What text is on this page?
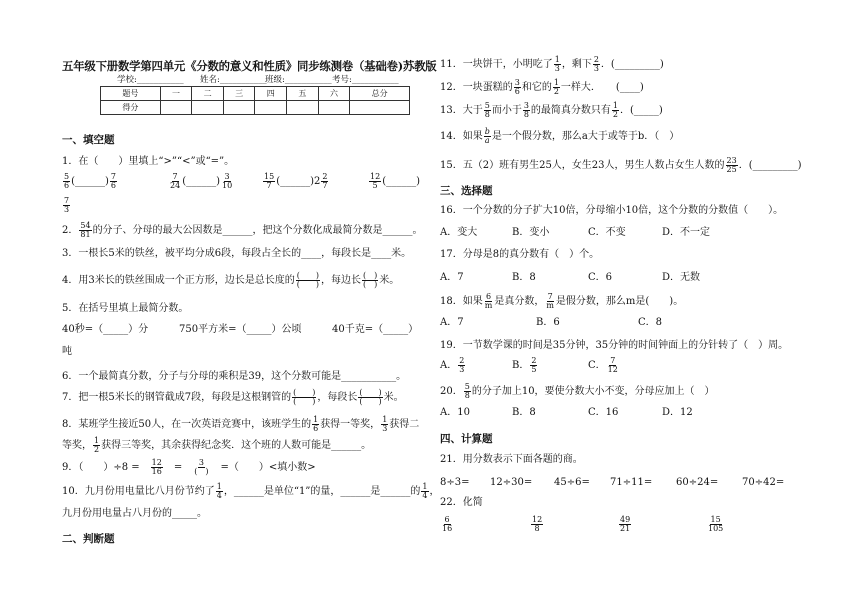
五年级下册数学第四单元《分数的意义和性质》同步练测卷（基础卷)苏教版
学校:___________ 姓名:___________
班级:___________ 考号:___________
题号	一	二	三	四	五	六	总分
得分							
一、填空题
1．在（　　）里填上“>”“<”或“=”。
$\frac{5}{6}$ (______) $\frac{7}{6}$	$\frac{7}{24}$ (______) $\frac{3}{10}$	$\frac{15}{7}$ (______)2 $\frac{2}{7}$	$\frac{12}{5}$ (______)
$\frac{7}{3}$
2． $\frac{54}{81}$ 的分子、分母的最大公因数是______，把这个分数化成最简分数是______。
3．一根长5米的铁丝，被平均分成6段，每段占全长的____，每段长是____米。
4．用3米长的铁丝围成一个正方形，边长是总长度的 $\frac{( )}{( )}$ ，每边长 $\frac{( )}{( )}$ 米。
5．在括号里填上最简分数。
40秒=（_____）分	750平方米=（_____）公顷	40千克=（_____）
吨
6．一个最简真分数，分子与分母的乘积是39，这个分数可能是___________。
7．把一根5米长的钢管截成7段，每段是这根钢管的 $\frac{( )}{( )}$ ，每段长 $\frac{( )}{( )}$ 米。
8．某班学生接近50人，在一次英语竞赛中，该班学生的 $\frac{1}{6}$ 获得一等奖， $\frac{1}{3}$ 获得二
等奖， $\frac{1}{2}$ 获得三等奖，其余获得纪念奖．这个班的人数可能是______。
9．（　　）÷8 =　 $\frac{12}{16}$
　 =　 $\frac{3}{( )}$
　 =（　　）<填小数>
10．九月份用电量比八月份节约了 $\frac{1}{4}$ ，______是单位“1”的量，______是______的 $\frac{1}{4}$ ，
九月份用电量占八月份的_____。
二、判断题
11．一块饼干，小明吃了 $\frac{1}{3}$ ，剩下 $\frac{2}{3}$ ．(_________)
12．一块蛋糕的 $\frac{3}{6}$ 和它的 $\frac{1}{2}$ 一样大．　　(____)
13．大于 $\frac{5}{8}$ 而小于 $\frac{3}{8}$ 的最简真分数只有 $\frac{1}{2}$ ．(_____)
14．如果 $\frac{b}{a}$ 是一个假分数，那么a大于或等于b．（　）
15．五（2）班有男生25人，女生23人，男生人数占女生人数的 $\frac{23}{25}$ ．(_________)
三、选择题
16．一个分数的分子扩大10倍，分母缩小10倍，这个分数的分数值（　　）。
A．变大	B．变小	C．不变	D．不一定
17．分母是8的真分数有（　）个。
A．7	B．8	C．6	D．无数
18．如果 $\frac{6}{m}$ 是真分数， $\frac{7}{m}$ 是假分数，那么m是(　　)。
A．7	B．6	C．8
19．一节数学课的时间是35分钟，35分钟的时间钟面上的分针转了（　）周。
A． $\frac{2}{3}$	B． $\frac{2}{5}$	C． $\frac{7}{12}$
20． $\frac{5}{8}$ 的分子加上10，要使分数大小不变，分母应加上（　）
A．10	B．8	C．16	D．12
四、计算题
21．用分数表示下面各题的商。
8÷3= 12÷30= 45÷6= 71÷11= 60÷24= 70÷42=
22．化简
$\frac{6}{16}$	$\frac{12}{8}$	$\frac{49}{21}$	$\frac{15}{105}$
